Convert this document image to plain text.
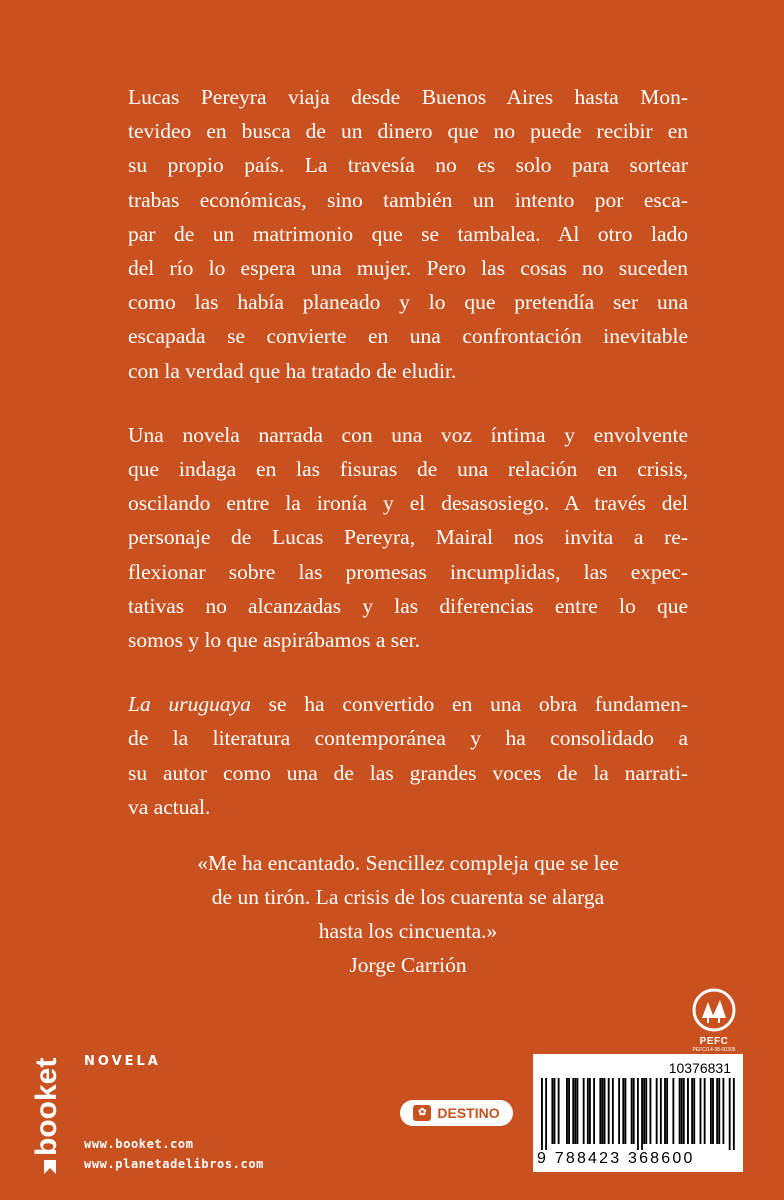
Lucas Pereyra viaja desde Buenos Aires hasta Mon-
tevideo en busca de un dinero que no puede recibir en
su propio país. La travesía no es solo para sortear
trabas económicas, sino también un intento por esca-
par de un matrimonio que se tambalea. Al otro lado
del río lo espera una mujer. Pero las cosas no suceden
como las había planeado y lo que pretendía ser una
escapada se convierte en una confrontación inevitable
con la verdad que ha tratado de eludir.

Una novela narrada con una voz íntima y envolvente
que indaga en las fisuras de una relación en crisis,
oscilando entre la ironía y el desasosiego. A través del
personaje de Lucas Pereyra, Mairal nos invita a re-
flexionar sobre las promesas incumplidas, las expec-
tativas no alcanzadas y las diferencias entre lo que
somos y lo que aspirábamos a ser.

La uruguaya se ha convertido en una obra fundamen-
de la literatura contemporánea y ha consolidado a
su autor como una de las grandes voces de la narrati-
va actual.

«Me ha encantado. Sencillez compleja que se lee
de un tirón. La crisis de los cuarenta se alarga
hasta los cincuenta.»
Jorge Carrión
PEFC
PEFC/14-38-00305
booket NOVELA
www.booket.com
www.planetadelibros.com
✿ DESTINO
10376831
9 788423 368600
